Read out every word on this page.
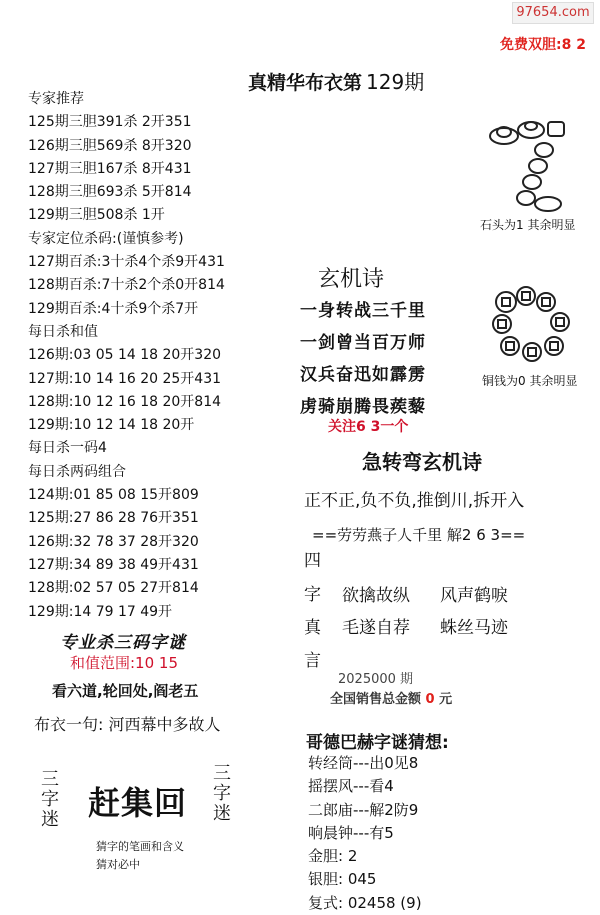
97654.com
免费双胆:8 2
真精华布衣第 129期
专家推荐
125期三胆391杀 2开351
126期三胆569杀 8开320
127期三胆167杀 8开431
128期三胆693杀 5开814
129期三胆508杀 1开
专家定位杀码:(谨慎参考)
127期百杀:3十杀4个杀9开431
128期百杀:7十杀2个杀0开814
129期百杀:4十杀9个杀7开
每日杀和值
126期:03 05 14 18 20开320
127期:10 14 16 20 25开431
128期:10 12 16 18 20开814
129期:10 12 14 18 20开
每日杀一码4
每日杀两码组合
124期:01 85 08 15开809
125期:27 86 28 76开351
126期:32 78 37 28开320
127期:34 89 38 49开431
128期:02 57 05 27开814
129期:14 79 17 49开
专业杀三码字谜
和值范围:10 15
看六道,轮回处,阎老五
布衣一句: 河西幕中多故人
三字
迷 赶集回
三字
迷
猜字的笔画和含义
猜对必中
石头为1 其余明显
铜钱为0 其余明显
玄机诗
一身转战三千里
一剑曾当百万师
汉兵奋迅如霹雳
虏骑崩腾畏蒺藜
关注6 3一个
急转弯玄机诗
正不正,负不负,推倒川,拆开入
==劳劳燕子人千里 解2 6 3==
四
字
真
言
欲擒故纵 风声鹤唳
毛遂自荐 蛛丝马迹
2025000 期
全国销售总金额 0 元
哥德巴赫字谜猜想:
转经筒---出0见8
摇摆风---看4
二郎庙---解2防9
响晨钟---有5
金胆: 2
银胆: 045
复式: 02458 (9)
